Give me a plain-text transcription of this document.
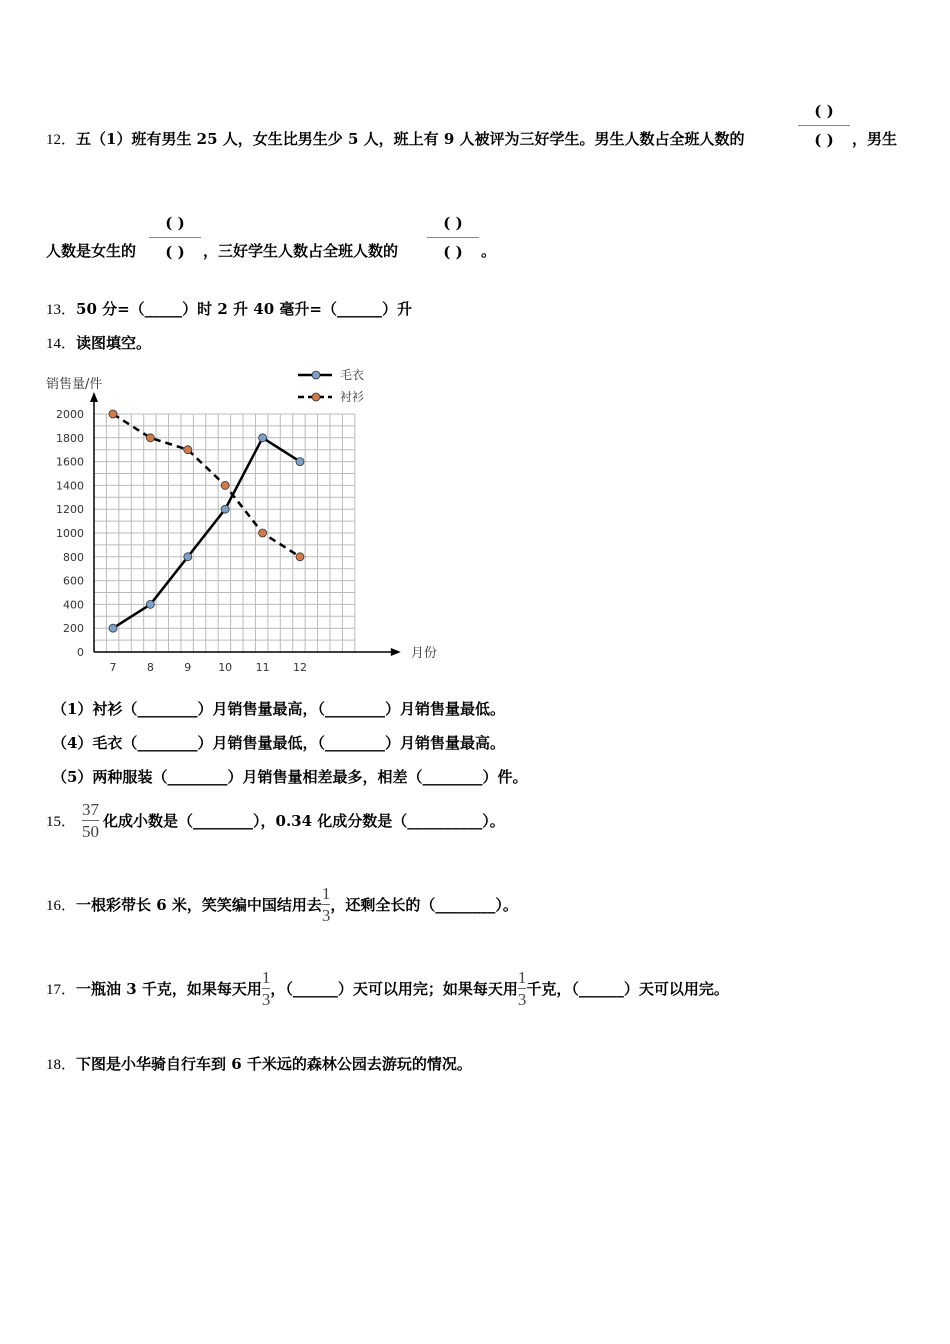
12．五（1）班有男生 25 人，女生比男生少 5 人，班上有 9 人被评为三好学生。男生人数占全班人数的
( )
( )	，男生
人数是女生的
( )
( )	，三好学生人数占全班人数的
( )
( )	。
13．50 分=（_____）时 2 升 40 毫升=（______）升
14．读图填空。
0
200
400
600
800
1000
1200
1400
1600
1800
2000
7	8	9 10 11 12
销售量/件
月份
毛衣
衬衫
（1）衬衫（________）月销售量最高，（________）月销售量最低。
（4）毛衣（________）月销售量最低，（________）月销售量最高。
（5）两种服装（________）月销售量相差最多，相差（________）件。
15． $\frac{37}{50}$ 化成小数是（________），0.34 化成分数是（__________）。
16．一根彩带长 6 米，笑笑编中国结用去 $\frac{1}{3}$ ，还剩全长的（________）。
17．一瓶油 3 千克，如果每天用 $\frac{1}{3}$ ，（______）天可以用完；如果每天用 $\frac{1}{3}$ 千克，（______）天可以用完。
18．下图是小华骑自行车到 6 千米远的森林公园去游玩的情况。
